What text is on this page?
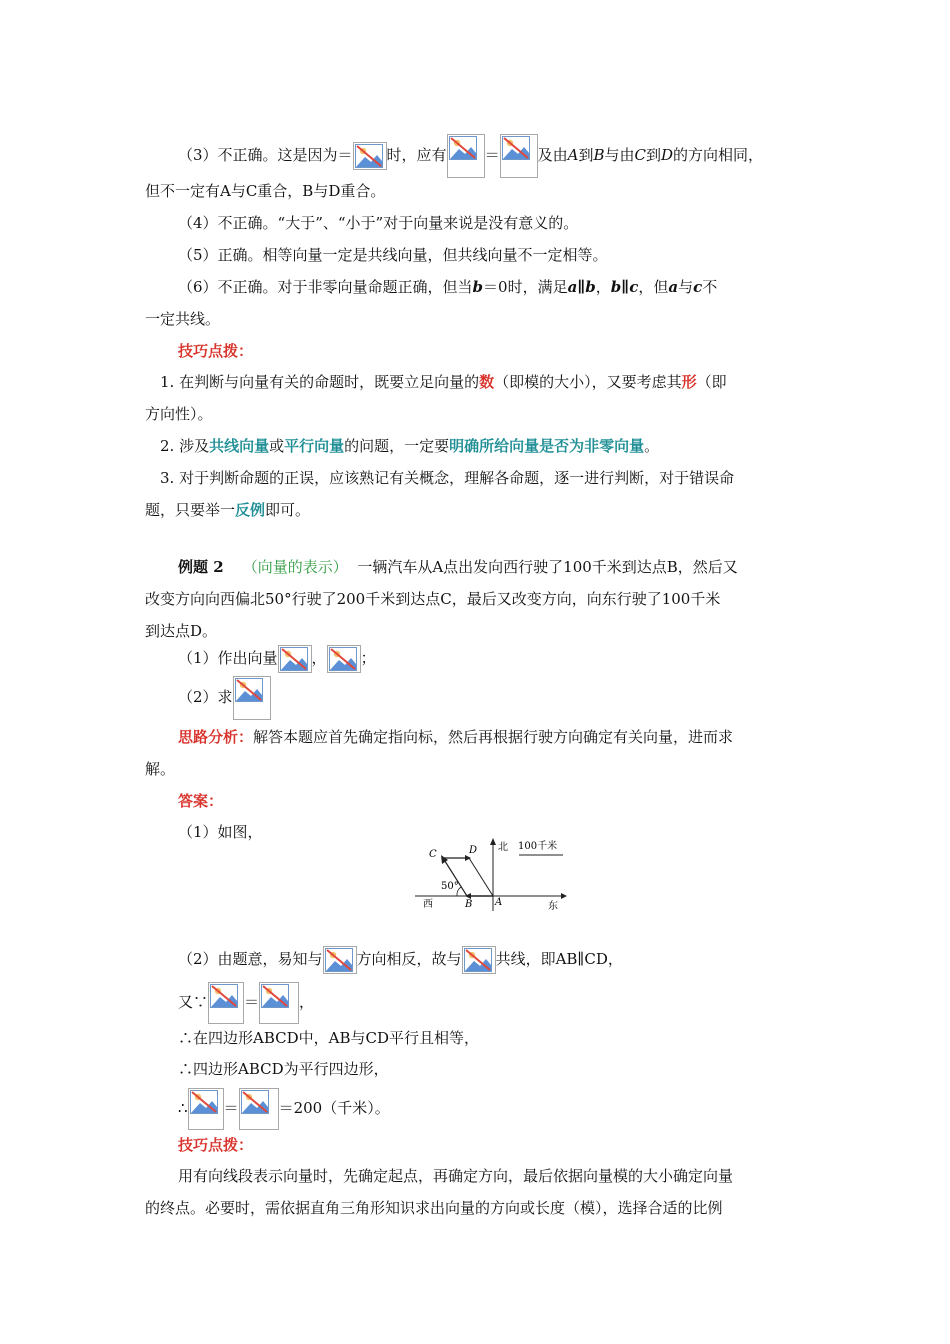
（3）不正确。这是因为＝ 时，应有	＝	及由A到B与由C到D的方向相同，
但不一定有A与C重合，B与D重合。
（4）不正确。“大于”、“小于”对于向量来说是没有意义的。
（5）正确。相等向量一定是共线向量，但共线向量不一定相等。
（6）不正确。对于非零向量命题正确，但当b＝0时，满足a∥b，b∥c，但a与c不
一定共线。
技巧点拨：
1. 在判断与向量有关的命题时，既要立足向量的数（即模的大小），又要考虑其形（即
方向性）。
2. 涉及共线向量或平行向量的问题，一定要明确所给向量是否为非零向量。
3. 对于判断命题的正误，应该熟记有关概念，理解各命题，逐一进行判断，对于错误命
题，只要举一反例即可。
例题 2 （向量的表示） 一辆汽车从A点出发向西行驶了100千米到达点B，然后又
改变方向向西偏北50°行驶了200千米到达点C，最后又改变方向，向东行驶了100千米
到达点D。
（1）作出向量 ， ；
（2）求
思路分析：解答本题应首先确定指向标，然后再根据行驶方向确定有关向量，进而求
解。
答案：
（1）如图，
C	D 北 100千米
50°
西	B A	东
（2）由题意，易知与 方向相反，故与 共线，即AB∥CD，
又∵ ＝	，
∴在四边形ABCD中，AB与CD平行且相等，
∴四边形ABCD为平行四边形，
∴ ＝	＝200（千米）。
技巧点拨：
用有向线段表示向量时，先确定起点，再确定方向，最后依据向量模的大小确定向量
的终点。必要时，需依据直角三角形知识求出向量的方向或长度（模），选择合适的比例
